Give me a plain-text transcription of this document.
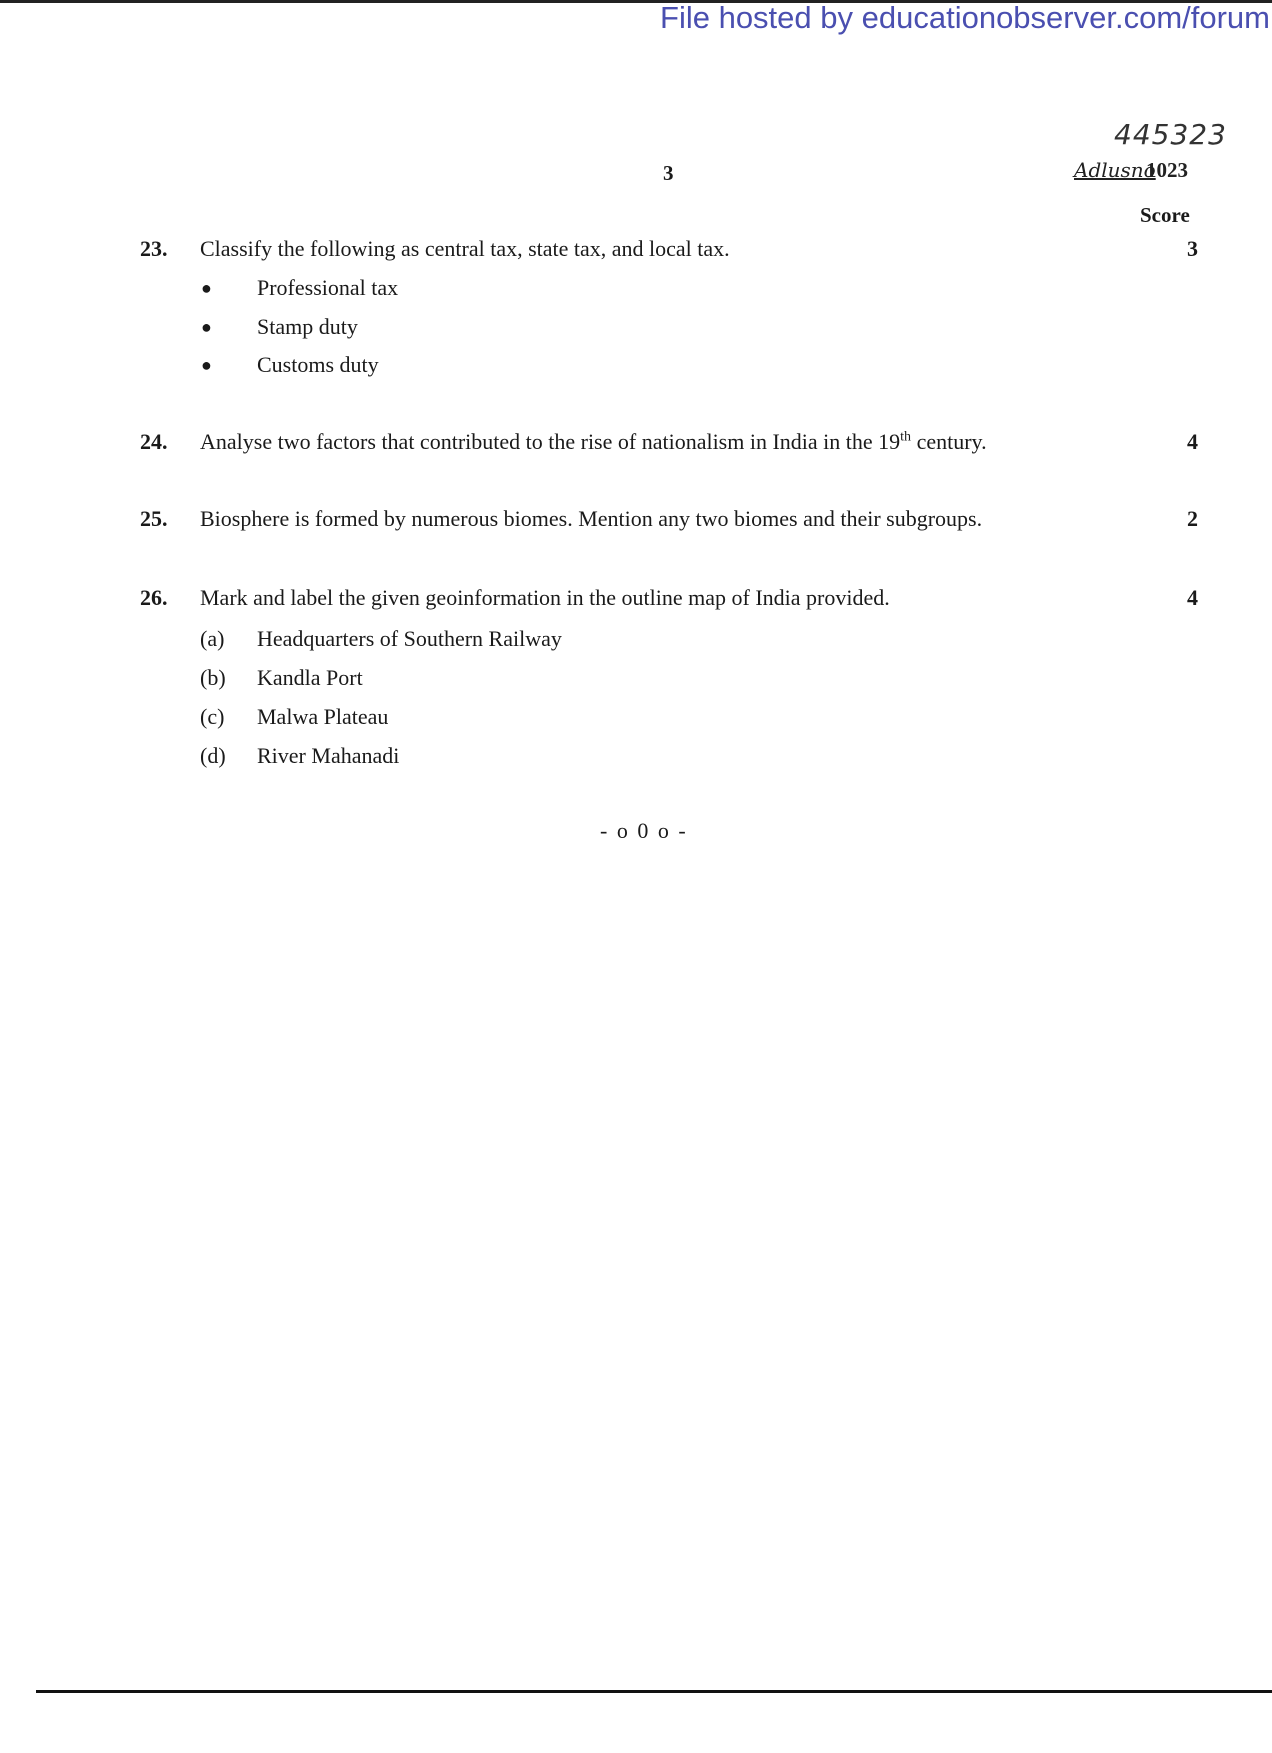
File hosted by educationobserver.com/forum
445323
Adlusno
1023
3
Score
23. Classify the following as central tax, state tax, and local tax.	3
● Professional tax
● Stamp duty
● Customs duty
24. Analyse two factors that contributed to the rise of nationalism in India in the 19th century.	4
25. Biosphere is formed by numerous biomes. Mention any two biomes and their subgroups.	2
26. Mark and label the given geoinformation in the outline map of India provided.	4
(a) Headquarters of Southern Railway
(b) Kandla Port
(c) Malwa Plateau
(d) River Mahanadi
- o 0 o -
